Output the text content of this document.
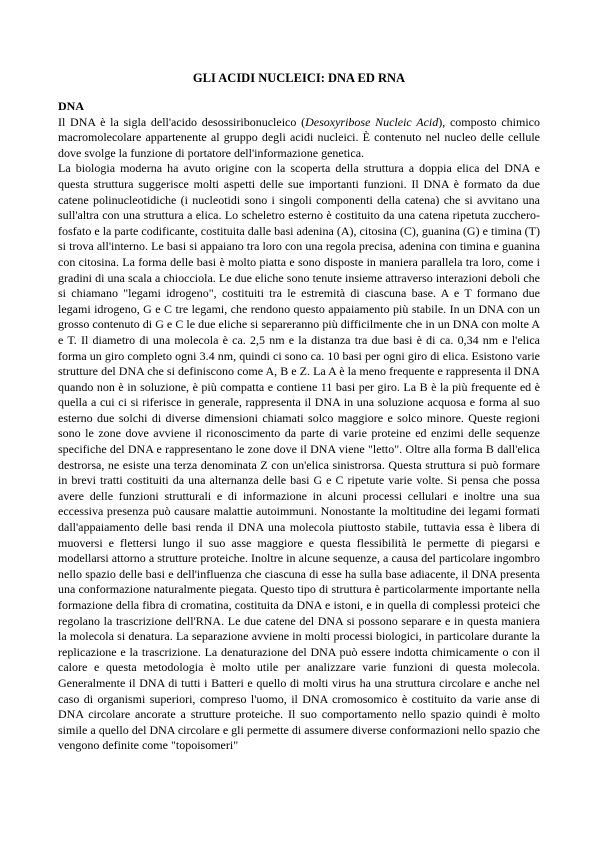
GLI ACIDI NUCLEICI: DNA ED RNA
DNA

Il DNA è la sigla dell'acido desossiribonucleico (Desoxyribose Nucleic Acid), composto chimico macromolecolare appartenente al gruppo degli acidi nucleici. È contenuto nel nucleo delle cellule dove svolge la funzione di portatore dell'informazione genetica.

La biologia moderna ha avuto origine con la scoperta della struttura a doppia elica del DNA e questa struttura suggerisce molti aspetti delle sue importanti funzioni. Il DNA è formato da due catene polinucleotidiche (i nucleotidi sono i singoli componenti della catena) che si avvitano una sull'altra con una struttura a elica. Lo scheletro esterno è costituito da una catena ripetuta zucchero-fosfato e la parte codificante, costituita dalle basi adenina (A), citosina (C), guanina (G) e timina (T) si trova all'interno. Le basi si appaiano tra loro con una regola precisa, adenina con timina e guanina con citosina. La forma delle basi è molto piatta e sono disposte in maniera parallela tra loro, come i gradini di una scala a chiocciola. Le due eliche sono tenute insieme attraverso interazioni deboli che si chiamano "legami idrogeno", costituiti tra le estremità di ciascuna base. A e T formano due legami idrogeno, G e C tre legami, che rendono questo appaiamento più stabile. In un DNA con un grosso contenuto di G e C le due eliche si separeranno più difficilmente che in un DNA con molte A e T. Il diametro di una molecola è ca. 2,5 nm e la distanza tra due basi è di ca. 0,34 nm e l'elica forma un giro completo ogni 3.4 nm, quindi ci sono ca. 10 basi per ogni giro di elica. Esistono varie strutture del DNA che si definiscono come A, B e Z. La A è la meno frequente e rappresenta il DNA quando non è in soluzione, è più compatta e contiene 11 basi per giro. La B è la più frequente ed è quella a cui ci si riferisce in generale, rappresenta il DNA in una soluzione acquosa e forma al suo esterno due solchi di diverse dimensioni chiamati solco maggiore e solco minore. Queste regioni sono le zone dove avviene il riconoscimento da parte di varie proteine ed enzimi delle sequenze specifiche del DNA e rappresentano le zone dove il DNA viene "letto". Oltre alla forma B dall'elica destrorsa, ne esiste una terza denominata Z con un'elica sinistrorsa. Questa struttura si può formare in brevi tratti costituiti da una alternanza delle basi G e C ripetute varie volte. Si pensa che possa avere delle funzioni strutturali e di informazione in alcuni processi cellulari e inoltre una sua eccessiva presenza può causare malattie autoimmuni. Nonostante la moltitudine dei legami formati dall'appaiamento delle basi renda il DNA una molecola piuttosto stabile, tuttavia essa è libera di muoversi e flettersi lungo il suo asse maggiore e questa flessibilità le permette di piegarsi e modellarsi attorno a strutture proteiche. Inoltre in alcune sequenze, a causa del particolare ingombro nello spazio delle basi e dell'influenza che ciascuna di esse ha sulla base adiacente, il DNA presenta una conformazione naturalmente piegata. Questo tipo di struttura è particolarmente importante nella formazione della fibra di cromatina, costituita da DNA e istoni, e in quella di complessi proteici che regolano la trascrizione dell'RNA. Le due catene del DNA si possono separare e in questa maniera la molecola si denatura. La separazione avviene in molti processi biologici, in particolare durante la replicazione e la trascrizione. La denaturazione del DNA può essere indotta chimicamente o con il calore e questa metodologia è molto utile per analizzare varie funzioni di questa molecola. Generalmente il DNA di tutti i Batteri e quello di molti virus ha una struttura circolare e anche nel caso di organismi superiori, compreso l'uomo, il DNA cromosomico è costituito da varie anse di DNA circolare ancorate a strutture proteiche. Il suo comportamento nello spazio quindi è molto simile a quello del DNA circolare e gli permette di assumere diverse conformazioni nello spazio che vengono definite come "topoisomeri"
